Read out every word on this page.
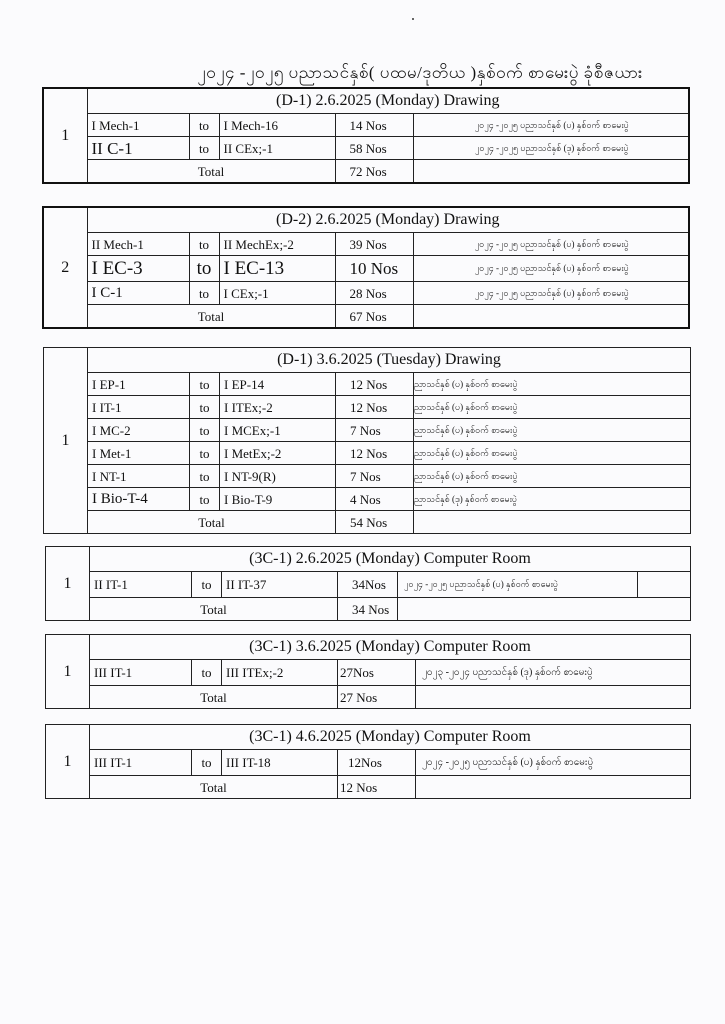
၂၀၂၄ -၂၀၂၅ ပညာသင်နှစ်( ပထမ/ဒုတိယ )နှစ်ဝက် စာမေးပွဲ ခုံစီဇယား
1	(D-1) 2.6.2025 (Monday) Drawing				
	I Mech-1	to	I Mech-16	14 Nos	၂၀၂၄ -၂၀၂၅ ပညာသင်နှစ် (ပ) နှစ်ဝက် စာမေးပွဲ
	II C-1	to	II CEx;-1	58 Nos	၂၀၂၄ -၂၀၂၅ ပညာသင်နှစ် (ဒု) နှစ်ဝက် စာမေးပွဲ
	Total			72 Nos	
2	(D-2) 2.6.2025 (Monday) Drawing				
	II Mech-1	to	II MechEx;-2	39 Nos	၂၀၂၄ -၂၀၂၅ ပညာသင်နှစ် (ပ) နှစ်ဝက် စာမေးပွဲ
	I EC-3	to	I EC-13	10 Nos	၂၀၂၄ -၂၀၂၅ ပညာသင်နှစ် (ပ) နှစ်ဝက် စာမေးပွဲ
	I C-1	to	I CEx;-1	28 Nos	၂၀၂၄ -၂၀၂၅ ပညာသင်နှစ် (ပ) နှစ်ဝက် စာမေးပွဲ
	Total			67 Nos	
1	(D-1) 3.6.2025 (Tuesday) Drawing				
	I EP-1	to	I EP-14	12 Nos	ညာသင်နှစ် (ပ) နှစ်ဝက် စာမေးပွဲ
	I IT-1	to	I ITEx;-2	12 Nos	ညာသင်နှစ် (ပ) နှစ်ဝက် စာမေးပွဲ
	I MC-2	to	I MCEx;-1	7 Nos	ညာသင်နှစ် (ပ) နှစ်ဝက် စာမေးပွဲ
	I Met-1	to	I MetEx;-2	12 Nos	ညာသင်နှစ် (ပ) နှစ်ဝက် စာမေးပွဲ
	I NT-1	to	I NT-9(R)	7 Nos	ညာသင်နှစ် (ပ) နှစ်ဝက် စာမေးပွဲ
	I Bio-T-4	to	I Bio-T-9	4 Nos	ညာသင်နှစ် (ဒု) နှစ်ဝက် စာမေးပွဲ
	Total			54 Nos	
1	(3C-1) 2.6.2025 (Monday) Computer Room					
	II IT-1	to	II IT-37	34Nos	၂၀၂၄ -၂၀၂၅ ပညာသင်နှစ် (ပ) နှစ်ဝက် စာမေးပွဲ	
	Total			34 Nos		
1	(3C-1) 3.6.2025 (Monday) Computer Room				
	III IT-1	to	III ITEx;-2	27Nos	၂၀၂၃ -၂၀၂၄ ပညာသင်နှစ် (ဒု) နှစ်ဝက် စာမေးပွဲ
	Total			27 Nos	
1	(3C-1) 4.6.2025 (Monday) Computer Room				
	III IT-1	to	III IT-18	12Nos	၂၀၂၄ -၂၀၂၅ ပညာသင်နှစ် (ပ) နှစ်ဝက် စာမေးပွဲ
	Total			12 Nos	
